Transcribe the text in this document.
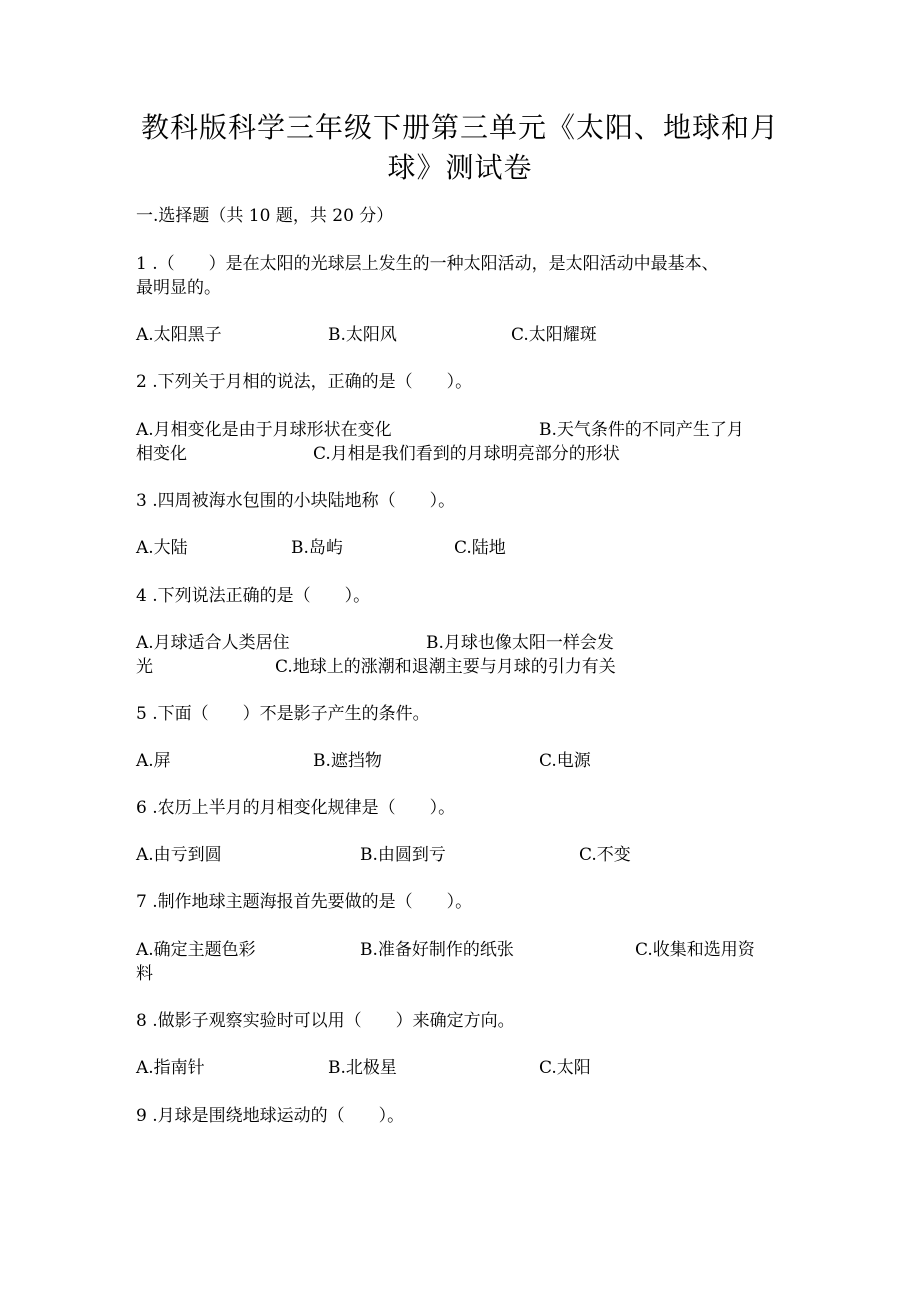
教科版科学三年级下册第三单元《太阳、地球和月
球》测试卷
一.选择题（共 10 题，共 20 分）
1 .（　　）是在太阳的光球层上发生的一种太阳活动，是太阳活动中最基本、
最明显的。
A.太阳黑子	B.太阳风	C.太阳耀斑
2 .下列关于月相的说法，正确的是（　　）。
A.月相变化是由于月球形状在变化	B.天气条件的不同产生了月
相变化	C.月相是我们看到的月球明亮部分的形状
3 .四周被海水包围的小块陆地称（　　）。
A.大陆	B.岛屿	C.陆地
4 .下列说法正确的是（　　）。
A.月球适合人类居住	B.月球也像太阳一样会发
光	C.地球上的涨潮和退潮主要与月球的引力有关
5 .下面（　　）不是影子产生的条件。
A.屏	B.遮挡物	C.电源
6 .农历上半月的月相变化规律是（　　）。
A.由亏到圆	B.由圆到亏	C.不变
7 .制作地球主题海报首先要做的是（　　）。
A.确定主题色彩	B.准备好制作的纸张	C.收集和选用资
料
8 .做影子观察实验时可以用（　　）来确定方向。
A.指南针	B.北极星	C.太阳
9 .月球是围绕地球运动的（　　）。
